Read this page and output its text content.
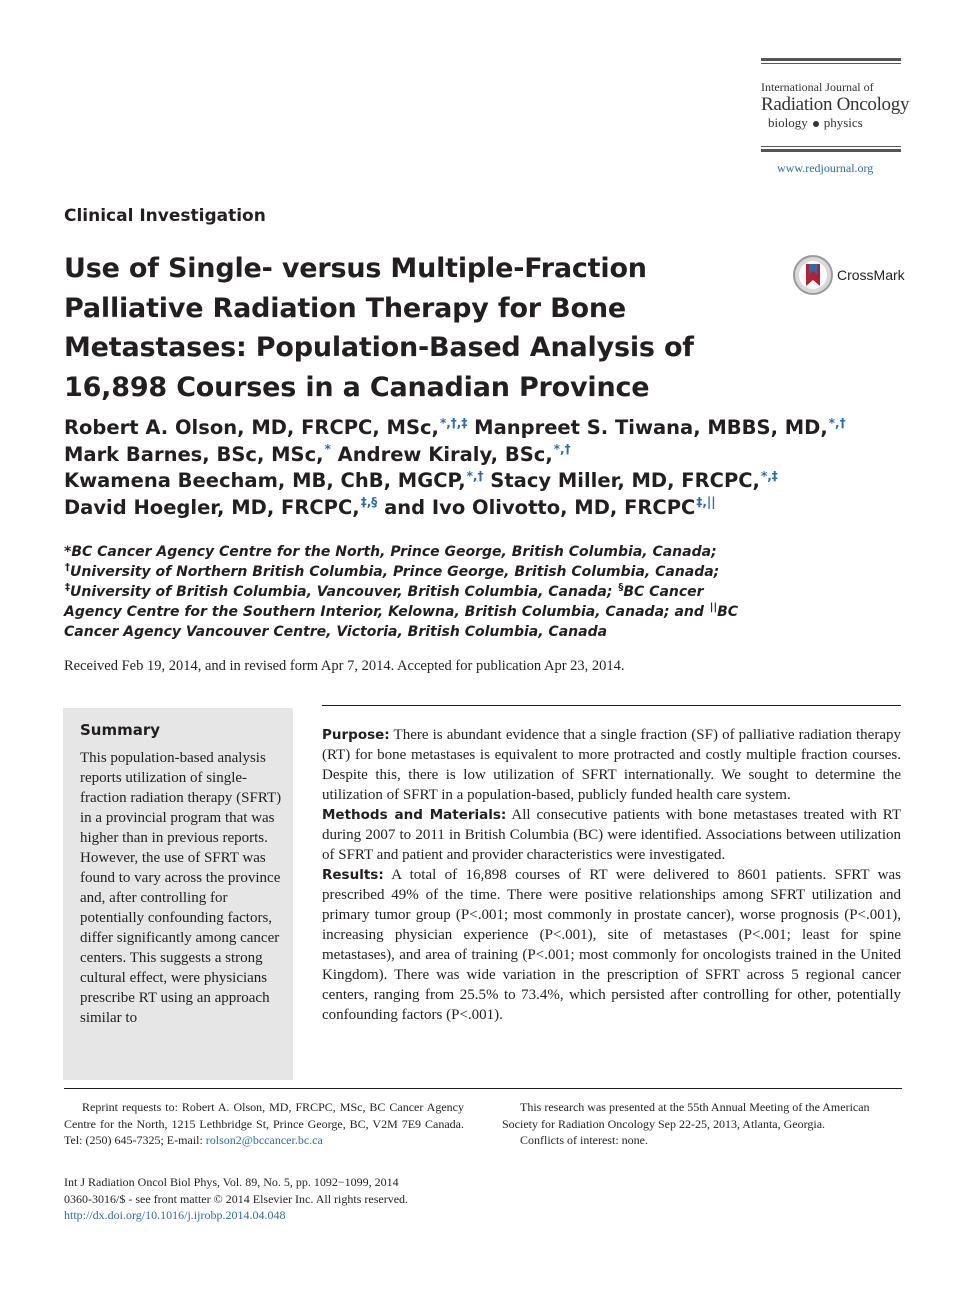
International Journal of
Radiation Oncology
biology physics
www.redjournal.org
Clinical Investigation
Use of Single- versus Multiple-Fraction Palliative Radiation Therapy for Bone Metastases: Population-Based Analysis of 16,898 Courses in a Canadian Province
CrossMark
Robert A. Olson, MD, FRCPC, MSc,*,†,‡ Manpreet S. Tiwana, MBBS, MD,*,†
Mark Barnes, BSc, MSc,* Andrew Kiraly, BSc,*,†
Kwamena Beecham, MB, ChB, MGCP,*,† Stacy Miller, MD, FRCPC,*,‡
David Hoegler, MD, FRCPC,‡,§ and Ivo Olivotto, MD, FRCPC‡,||
*BC Cancer Agency Centre for the North, Prince George, British Columbia, Canada; †University of Northern British Columbia, Prince George, British Columbia, Canada; ‡University of British Columbia, Vancouver, British Columbia, Canada; §BC Cancer Agency Centre for the Southern Interior, Kelowna, British Columbia, Canada; and ||BC Cancer Agency Vancouver Centre, Victoria, British Columbia, Canada
Received Feb 19, 2014, and in revised form Apr 7, 2014. Accepted for publication Apr 23, 2014.
Summary
This population-based analysis reports utilization of single-fraction radiation therapy (SFRT) in a provincial program that was higher than in previous reports. However, the use of SFRT was found to vary across the province and, after controlling for potentially confounding factors, differ significantly among cancer centers. This suggests a strong cultural effect, were physicians prescribe RT using an approach similar to
Purpose: There is abundant evidence that a single fraction (SF) of palliative radiation therapy (RT) for bone metastases is equivalent to more protracted and costly multiple fraction courses. Despite this, there is low utilization of SFRT internationally. We sought to determine the utilization of SFRT in a population-based, publicly funded health care system.
Methods and Materials: All consecutive patients with bone metastases treated with RT during 2007 to 2011 in British Columbia (BC) were identified. Associations between utilization of SFRT and patient and provider characteristics were investigated.
Results: A total of 16,898 courses of RT were delivered to 8601 patients. SFRT was prescribed 49% of the time. There were positive relationships among SFRT utilization and primary tumor group (P<.001; most commonly in prostate cancer), worse prognosis (P<.001), increasing physician experience (P<.001), site of metastases (P<.001; least for spine metastases), and area of training (P<.001; most commonly for oncologists trained in the United Kingdom). There was wide variation in the prescription of SFRT across 5 regional cancer centers, ranging from 25.5% to 73.4%, which persisted after controlling for other, potentially confounding factors (P<.001).
Reprint requests to: Robert A. Olson, MD, FRCPC, MSc, BC Cancer Agency Centre for the North, 1215 Lethbridge St, Prince George, BC, V2M 7E9 Canada. Tel: (250) 645-7325; E-mail: rolson2@bccancer.bc.ca
This research was presented at the 55th Annual Meeting of the American Society for Radiation Oncology Sep 22-25, 2013, Atlanta, Georgia.
Conflicts of interest: none.
Int J Radiation Oncol Biol Phys, Vol. 89, No. 5, pp. 1092−1099, 2014
0360-3016/$ - see front matter © 2014 Elsevier Inc. All rights reserved.
http://dx.doi.org/10.1016/j.ijrobp.2014.04.048
